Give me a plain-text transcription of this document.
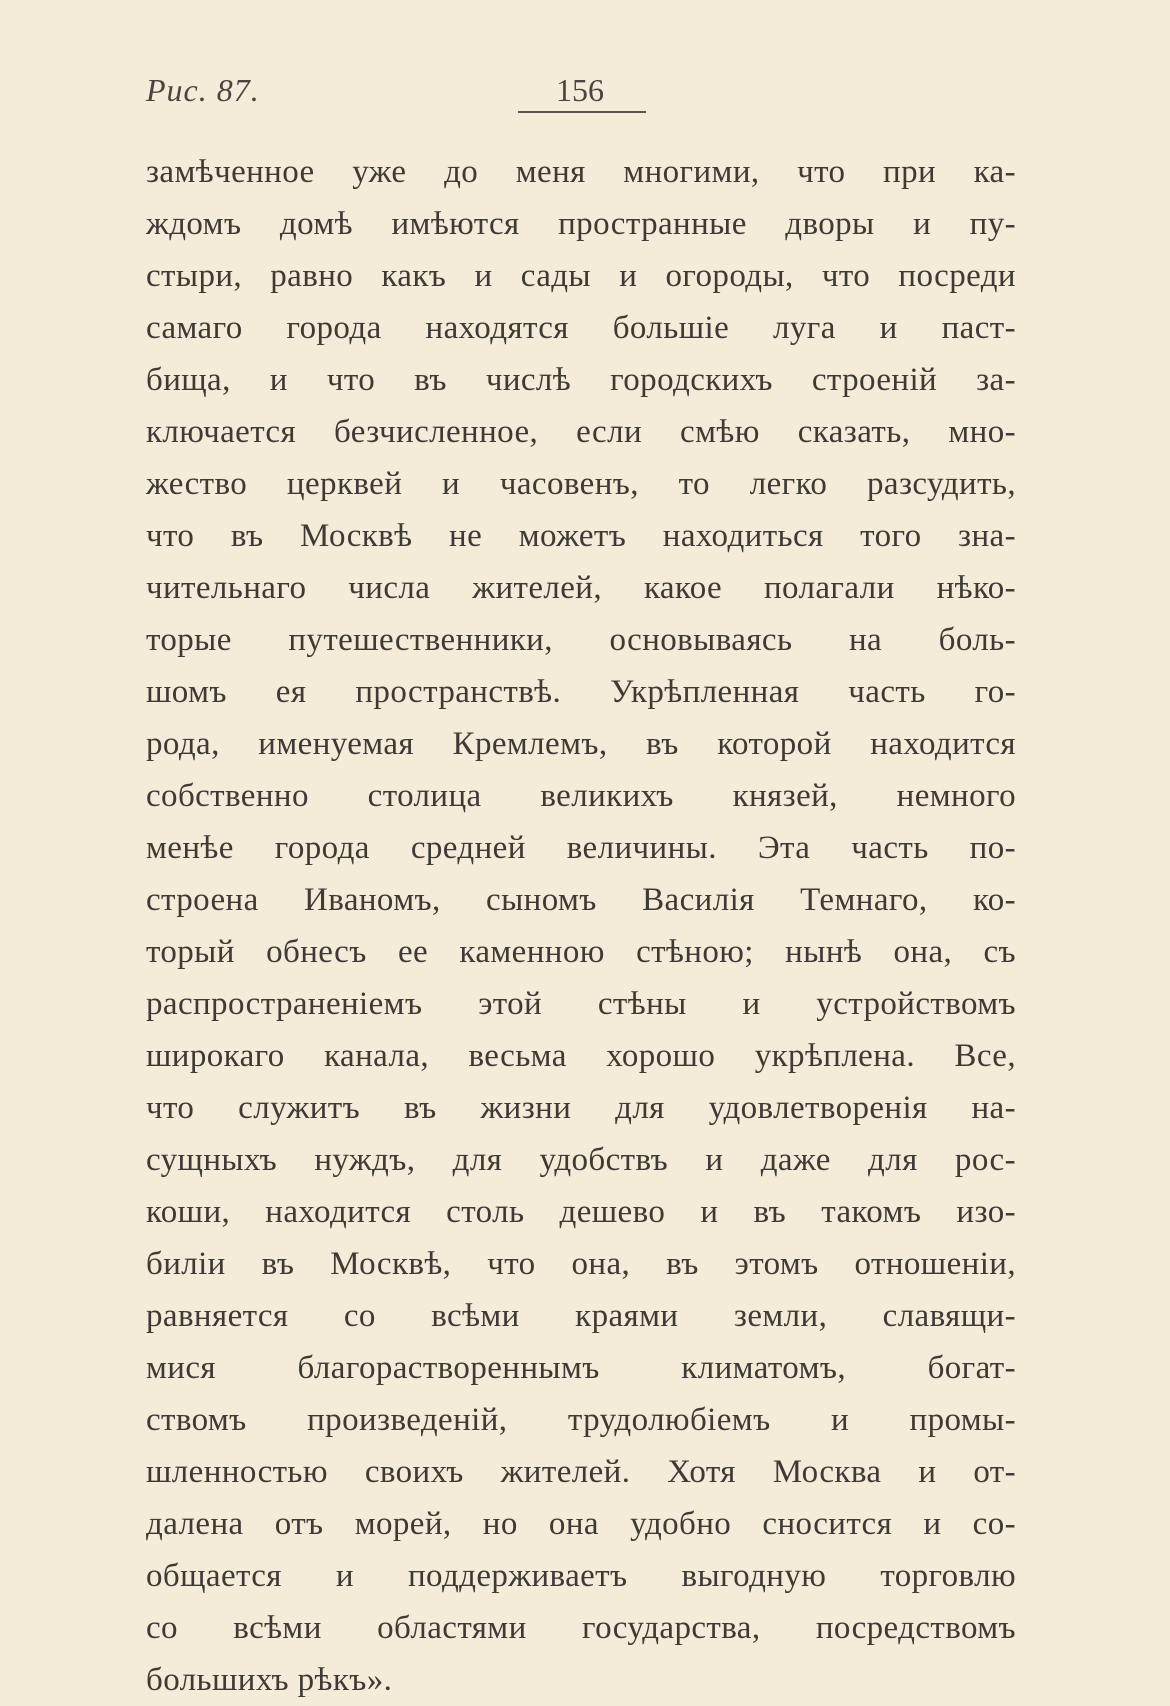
Рис. 87.	156
замѣченное уже до меня многими, что при ка-
ждомъ домѣ имѣются пространные дворы и пу-
стыри, равно какъ и сады и огороды, что посреди
самаго города находятся большіе луга и паст-
бища, и что въ числѣ городскихъ строеній за-
ключается безчисленное, если смѣю сказать, мно-
жество церквей и часовенъ, то легко разсудить,
что въ Москвѣ не можетъ находиться того зна-
чительнаго числа жителей, какое полагали нѣко-
торые путешественники, основываясь на боль-
шомъ ея пространствѣ. Укрѣпленная часть го-
рода, именуемая Кремлемъ, въ которой находится
собственно столица великихъ князей, немного
менѣе города средней величины. Эта часть по-
строена Иваномъ, сыномъ Василія Темнаго, ко-
торый обнесъ ее каменною стѣною; нынѣ она, съ
распространеніемъ этой стѣны и устройствомъ
широкаго канала, весьма хорошо укрѣплена. Все,
что служитъ въ жизни для удовлетворенія на-
сущныхъ нуждъ, для удобствъ и даже для рос-
коши, находится столь дешево и въ такомъ изо-
биліи въ Москвѣ, что она, въ этомъ отношеніи,
равняется со всѣми краями земли, славящи-
мися благораствореннымъ климатомъ, богат-
ствомъ произведеній, трудолюбіемъ и промы-
шленностью своихъ жителей. Хотя Москва и от-
далена отъ морей, но она удобно сносится и со-
общается и поддерживаетъ выгодную торговлю
со всѣми областями государства, посредствомъ
большихъ рѣкъ».
